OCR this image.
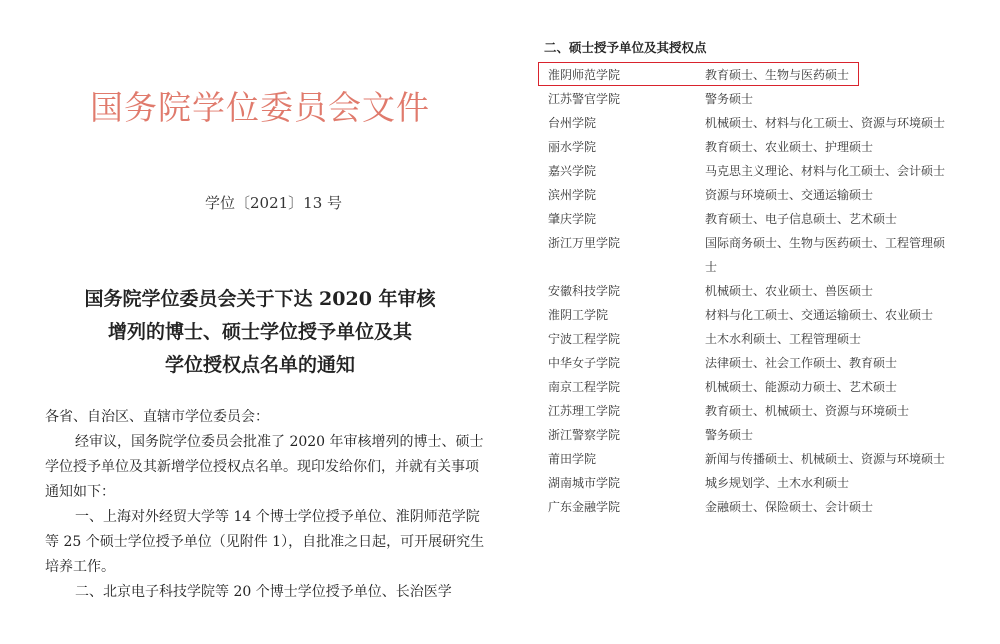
国务院学位委员会文件
学位〔2021〕13 号
国务院学位委员会关于下达 2020 年审核
增列的博士、硕士学位授予单位及其
学位授权点名单的通知

各省、自治区、直辖市学位委员会：

经审议，国务院学位委员会批准了 2020 年审核增列的博士、硕士学位授予单位及其新增学位授权点名单。现印发给你们，并就有关事项通知如下：

一、上海对外经贸大学等 14 个博士学位授予单位、淮阴师范学院等 25 个硕士学位授予单位（见附件 1），自批准之日起，可开展研究生培养工作。

二、北京电子科技学院等 20 个博士学位授予单位、长治医学

二、硕士授予单位及其授权点
淮阴师范学院	教育硕士、生物与医药硕士
江苏警官学院	警务硕士
台州学院	机械硕士、材料与化工硕士、资源与环境硕士
丽水学院	教育硕士、农业硕士、护理硕士
嘉兴学院	马克思主义理论、材料与化工硕士、会计硕士
滨州学院	资源与环境硕士、交通运输硕士
肇庆学院	教育硕士、电子信息硕士、艺术硕士
浙江万里学院	国际商务硕士、生物与医药硕士、工程管理硕士
安徽科技学院	机械硕士、农业硕士、兽医硕士
淮阴工学院	材料与化工硕士、交通运输硕士、农业硕士
宁波工程学院	土木水利硕士、工程管理硕士
中华女子学院	法律硕士、社会工作硕士、教育硕士
南京工程学院	机械硕士、能源动力硕士、艺术硕士
江苏理工学院	教育硕士、机械硕士、资源与环境硕士
浙江警察学院	警务硕士
莆田学院	新闻与传播硕士、机械硕士、资源与环境硕士
湖南城市学院	城乡规划学、土木水利硕士
广东金融学院	金融硕士、保险硕士、会计硕士
